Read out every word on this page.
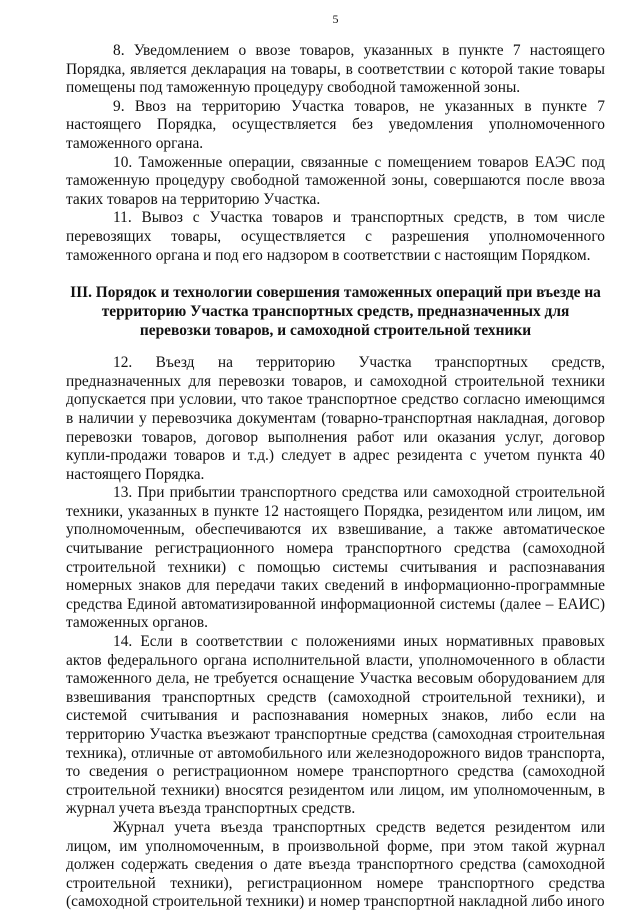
5

8. Уведомлением о ввозе товаров, указанных в пункте 7 настоящего Порядка, является декларация на товары, в соответствии с которой такие товары помещены под таможенную процедуру свободной таможенной зоны.

9. Ввоз на территорию Участка товаров, не указанных в пункте 7 настоящего Порядка, осуществляется без уведомления уполномоченного таможенного органа.

10. Таможенные операции, связанные с помещением товаров ЕАЭС под таможенную процедуру свободной таможенной зоны, совершаются после ввоза таких товаров на территорию Участка.

11. Вывоз с Участка товаров и транспортных средств, в том числе перевозящих товары, осуществляется с разрешения уполномоченного таможенного органа и под его надзором в соответствии с настоящим Порядком.

III. Порядок и технологии совершения таможенных операций при въезде на территорию Участка транспортных средств, предназначенных для перевозки товаров, и самоходной строительной техники

12. Въезд на территорию Участка транспортных средств, предназначенных для перевозки товаров, и самоходной строительной техники допускается при условии, что такое транспортное средство согласно имеющимся в наличии у перевозчика документам (товарно-транспортная накладная, договор перевозки товаров, договор выполнения работ или оказания услуг, договор купли-продажи товаров и т.д.) следует в адрес резидента с учетом пункта 40 настоящего Порядка.

13. При прибытии транспортного средства или самоходной строительной техники, указанных в пункте 12 настоящего Порядка, резидентом или лицом, им уполномоченным, обеспечиваются их взвешивание, а также автоматическое считывание регистрационного номера транспортного средства (самоходной строительной техники) с помощью системы считывания и распознавания номерных знаков для передачи таких сведений в информационно-программные средства Единой автоматизированной информационной системы (далее – ЕАИС) таможенных органов.

14. Если в соответствии с положениями иных нормативных правовых актов федерального органа исполнительной власти, уполномоченного в области таможенного дела, не требуется оснащение Участка весовым оборудованием для взвешивания транспортных средств (самоходной строительной техники), и системой считывания и распознавания номерных знаков, либо если на территорию Участка въезжают транспортные средства (самоходная строительная техника), отличные от автомобильного или железнодорожного видов транспорта, то сведения о регистрационном номере транспортного средства (самоходной строительной техники) вносятся резидентом или лицом, им уполномоченным, в журнал учета въезда транспортных средств.

Журнал учета въезда транспортных средств ведется резидентом или лицом, им уполномоченным, в произвольной форме, при этом такой журнал должен содержать сведения о дате въезда транспортного средства (самоходной строительной техники), регистрационном номере транспортного средства (самоходной строительной техники) и номер транспортной накладной либо иного
